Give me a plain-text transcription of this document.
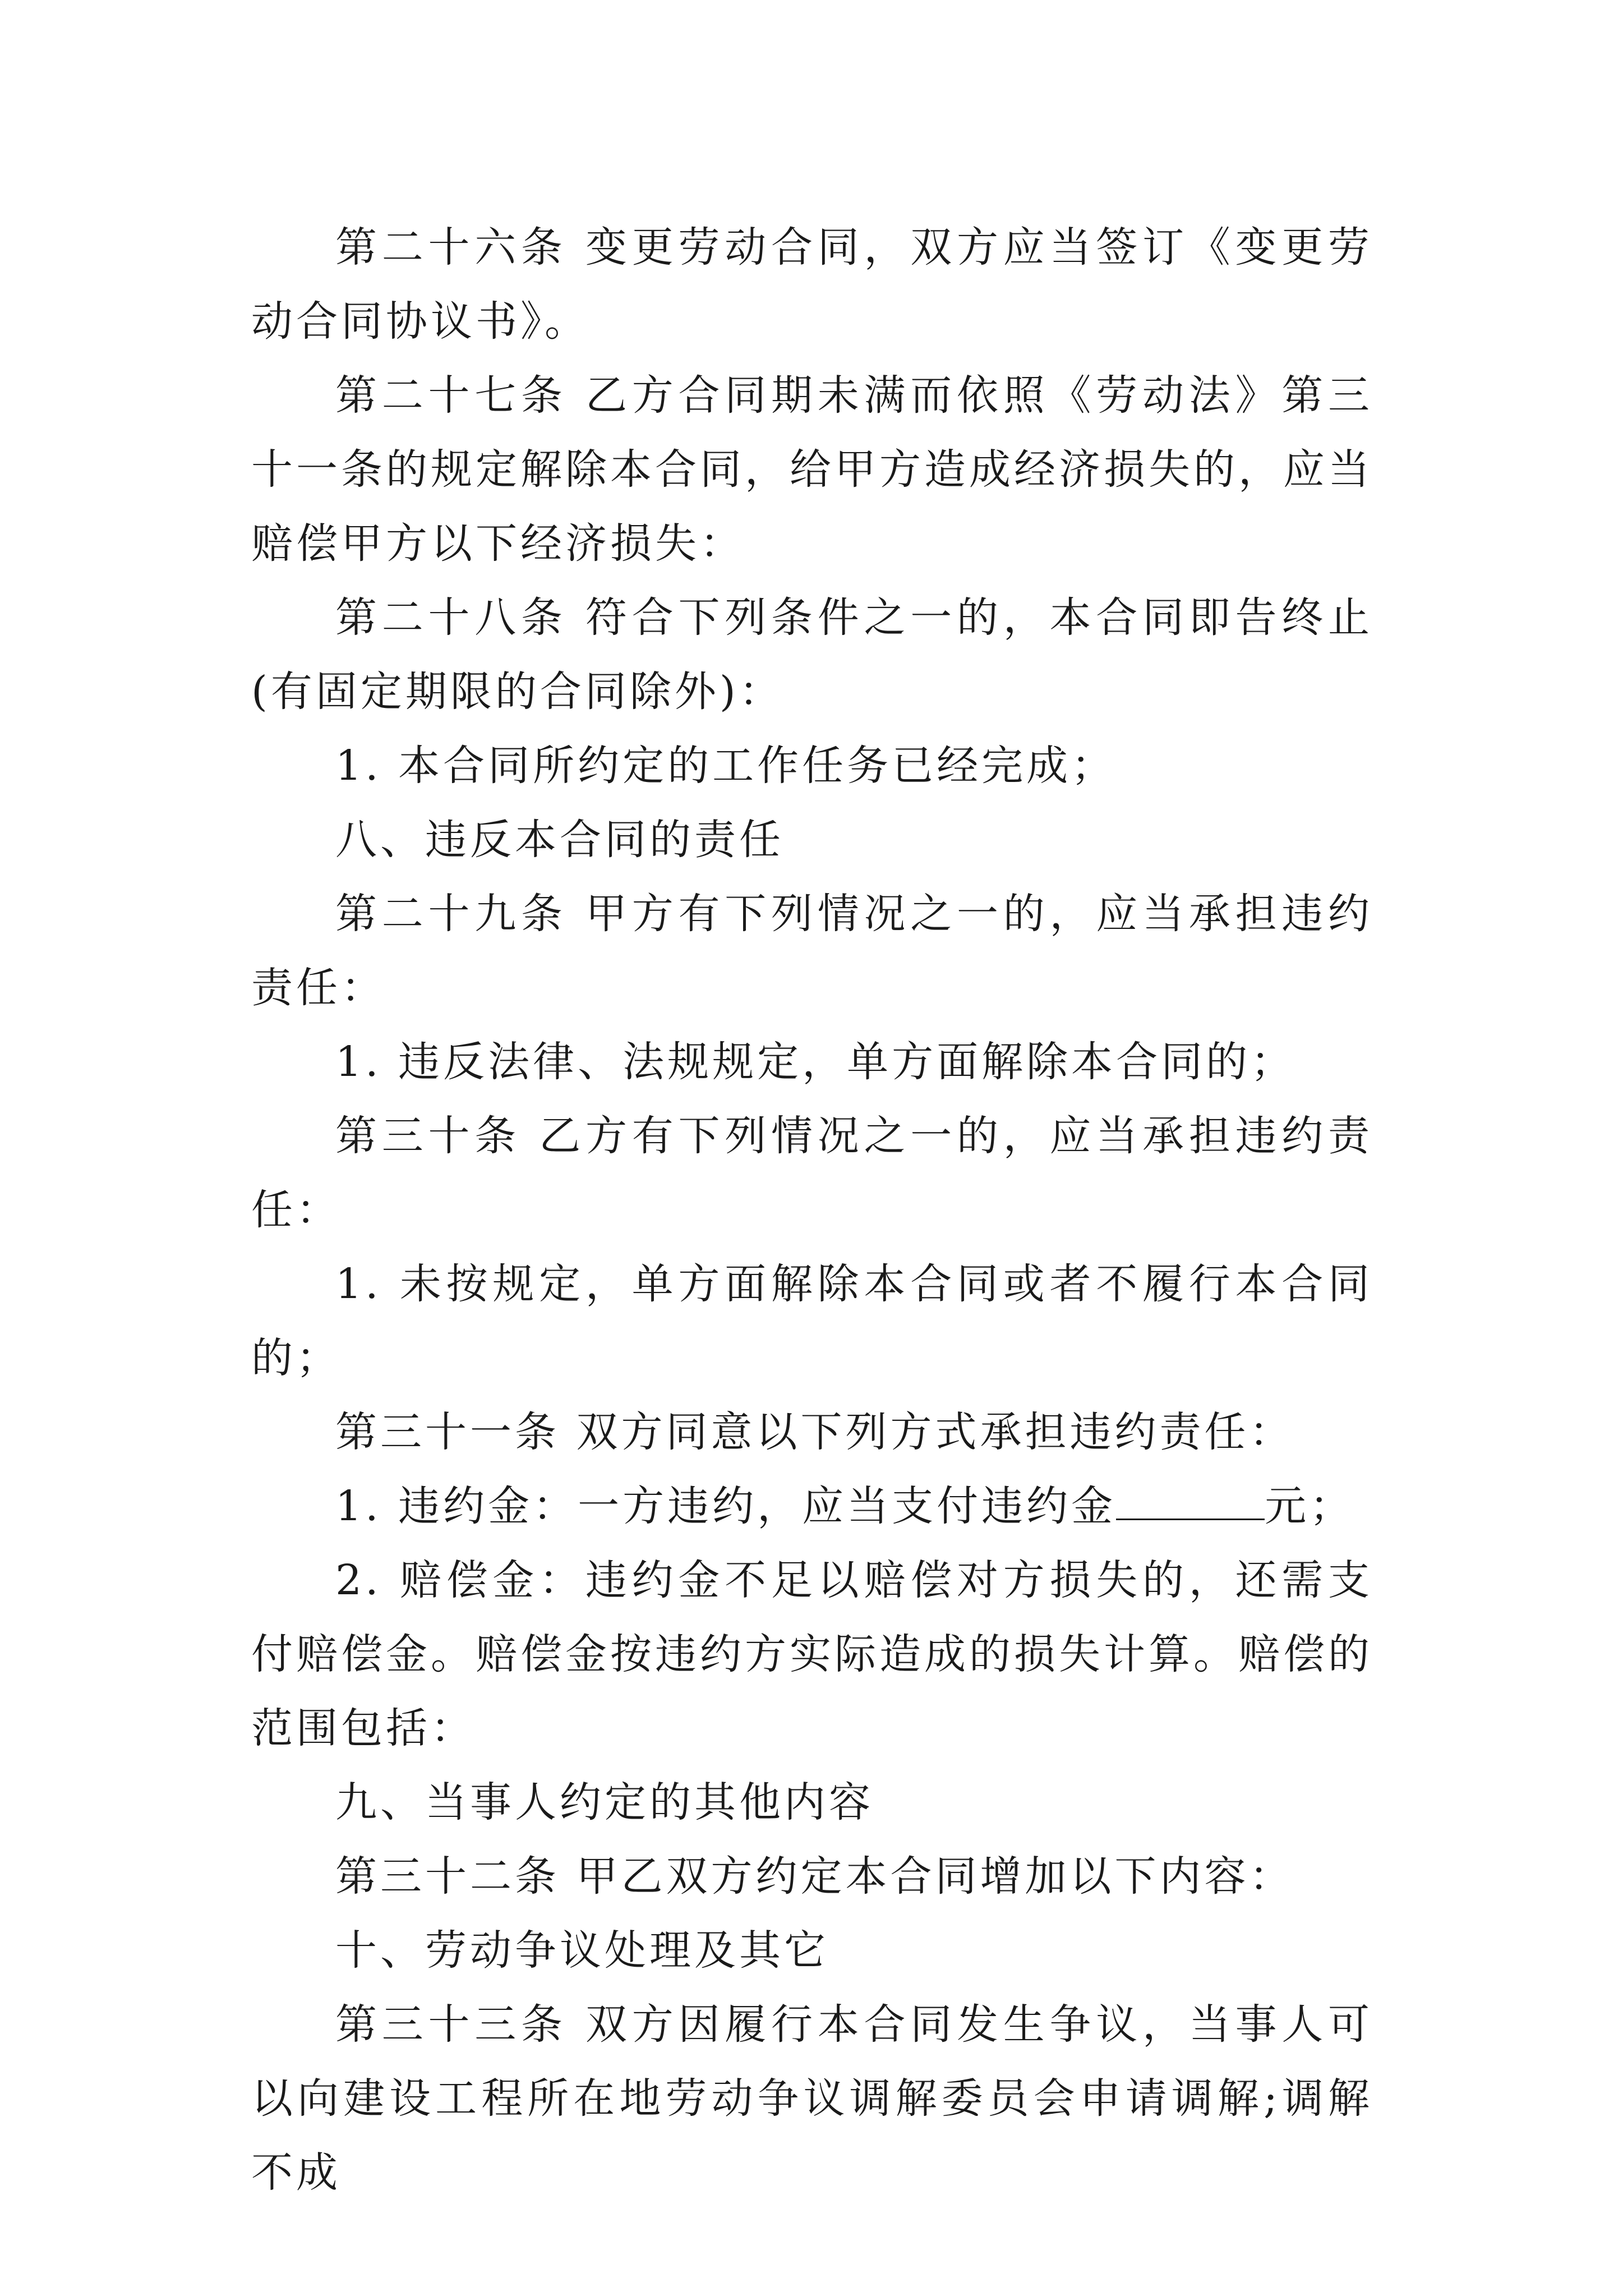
第二十六条 变更劳动合同，双方应当签订《变更劳动合同协议书》。

第二十七条 乙方合同期未满而依照《劳动法》第三十一条的规定解除本合同，给甲方造成经济损失的，应当赔偿甲方以下经济损失：

第二十八条 符合下列条件之一的，本合同即告终止(有固定期限的合同除外)：

1. 本合同所约定的工作任务已经完成；

八、违反本合同的责任

第二十九条 甲方有下列情况之一的，应当承担违约责任：

1. 违反法律、法规规定，单方面解除本合同的；

第三十条 乙方有下列情况之一的，应当承担违约责任：

1. 未按规定，单方面解除本合同或者不履行本合同的；

第三十一条 双方同意以下列方式承担违约责任：

1. 违约金：一方违约，应当支付违约金	元；

2. 赔偿金：违约金不足以赔偿对方损失的，还需支付赔偿金。赔偿金按违约方实际造成的损失计算。赔偿的范围包括：

九、当事人约定的其他内容

第三十二条 甲乙双方约定本合同增加以下内容：

十、劳动争议处理及其它

第三十三条 双方因履行本合同发生争议，当事人可以向建设工程所在地劳动争议调解委员会申请调解;调解不成
